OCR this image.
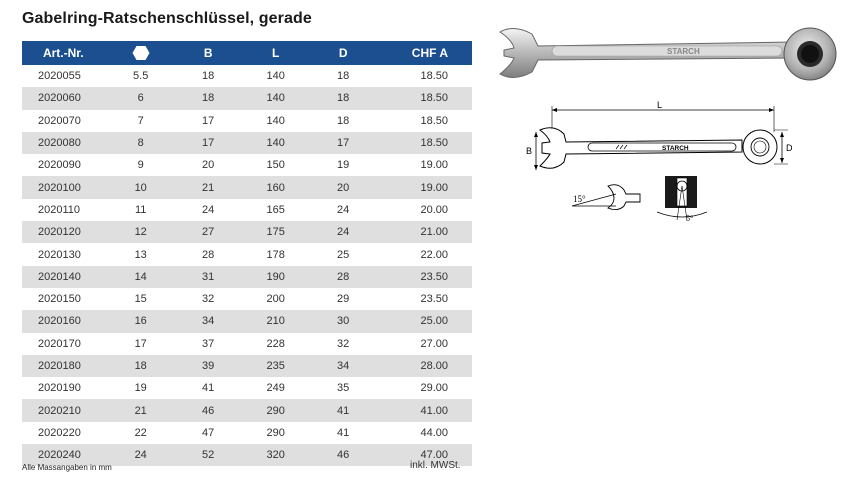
Gabelring-Ratschenschlüssel, gerade
Art.-Nr.		B	L	D	CHF A
2020055	5.5	18	140	18	18.50
2020060	6	18	140	18	18.50
2020070	7	17	140	18	18.50
2020080	8	17	140	17	18.50
2020090	9	20	150	19	19.00
2020100	10	21	160	20	19.00
2020110	11	24	165	24	20.00
2020120	12	27	175	24	21.00
2020130	13	28	178	25	22.00
2020140	14	31	190	28	23.50
2020150	15	32	200	29	23.50
2020160	16	34	210	30	25.00
2020170	17	37	228	32	27.00
2020180	18	39	235	34	28.00
2020190	19	41	249	35	29.00
2020210	21	46	290	41	41.00
2020220	22	47	290	41	44.00
2020240	24	52	320	46	47.00
Alle Massangaben in mm	inkl. MWSt.
STARCH
L
STARCH
B	D
15°
5°
